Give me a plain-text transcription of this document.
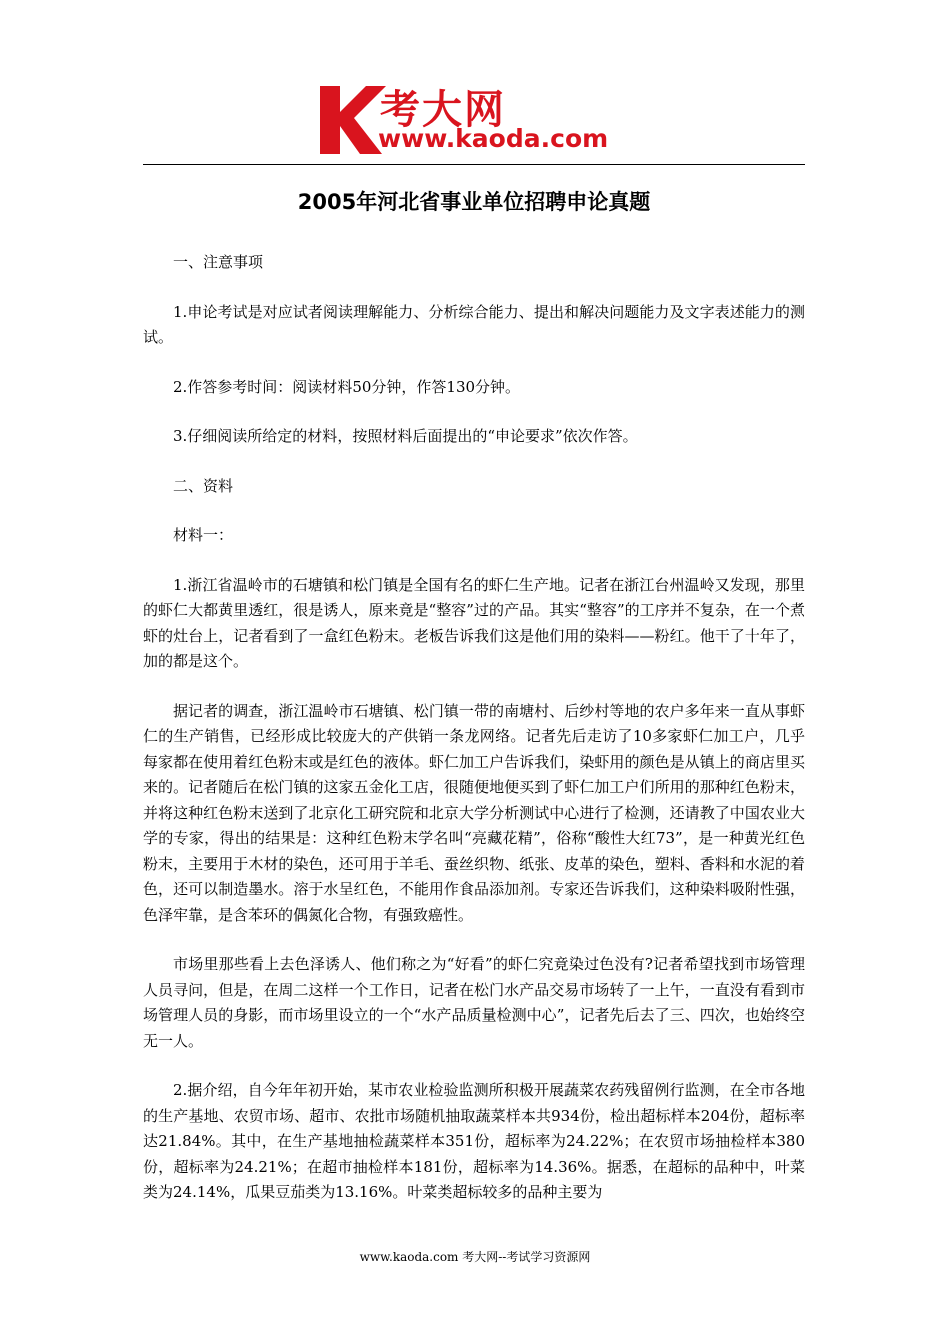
考大网
www.kaoda.com
2005年河北省事业单位招聘申论真题

一、注意事项

1.申论考试是对应试者阅读理解能力、分析综合能力、提出和解决问题能力及文字表述能力的测试。

2.作答参考时间：阅读材料50分钟，作答130分钟。

3.仔细阅读所给定的材料，按照材料后面提出的“申论要求”依次作答。

二、资料

材料一：

1.浙江省温岭市的石塘镇和松门镇是全国有名的虾仁生产地。记者在浙江台州温岭又发现，那里的虾仁大都黄里透红，很是诱人，原来竟是“整容”过的产品。其实“整容”的工序并不复杂，在一个煮虾的灶台上，记者看到了一盒红色粉末。老板告诉我们这是他们用的染料——粉红。他干了十年了，加的都是这个。

据记者的调查，浙江温岭市石塘镇、松门镇一带的南塘村、后纱村等地的农户多年来一直从事虾仁的生产销售，已经形成比较庞大的产供销一条龙网络。记者先后走访了10多家虾仁加工户，几乎每家都在使用着红色粉末或是红色的液体。虾仁加工户告诉我们，染虾用的颜色是从镇上的商店里买来的。记者随后在松门镇的这家五金化工店，很随便地便买到了虾仁加工户们所用的那种红色粉末，并将这种红色粉末送到了北京化工研究院和北京大学分析测试中心进行了检测，还请教了中国农业大学的专家，得出的结果是：这种红色粉末学名叫“亮藏花精”，俗称“酸性大红73”，是一种黄光红色粉末，主要用于木材的染色，还可用于羊毛、蚕丝织物、纸张、皮革的染色，塑料、香料和水泥的着色，还可以制造墨水。溶于水呈红色，不能用作食品添加剂。专家还告诉我们，这种染料吸附性强，色泽牢靠，是含苯环的偶氮化合物，有强致癌性。

市场里那些看上去色泽诱人、他们称之为“好看”的虾仁究竟染过色没有?记者希望找到市场管理人员寻问，但是，在周二这样一个工作日，记者在松门水产品交易市场转了一上午，一直没有看到市场管理人员的身影，而市场里设立的一个“水产品质量检测中心”，记者先后去了三、四次，也始终空无一人。

2.据介绍，自今年年初开始，某市农业检验监测所积极开展蔬菜农药残留例行监测，在全市各地的生产基地、农贸市场、超市、农批市场随机抽取蔬菜样本共934份，检出超标样本204份，超标率达21.84%。其中，在生产基地抽检蔬菜样本351份，超标率为24.22%；在农贸市场抽检样本380份，超标率为24.21%；在超市抽检样本181份，超标率为14.36%。据悉，在超标的品种中，叶菜类为24.14%，瓜果豆茄类为13.16%。叶菜类超标较多的品种主要为

www.kaoda.com 考大网--考试学习资源网
